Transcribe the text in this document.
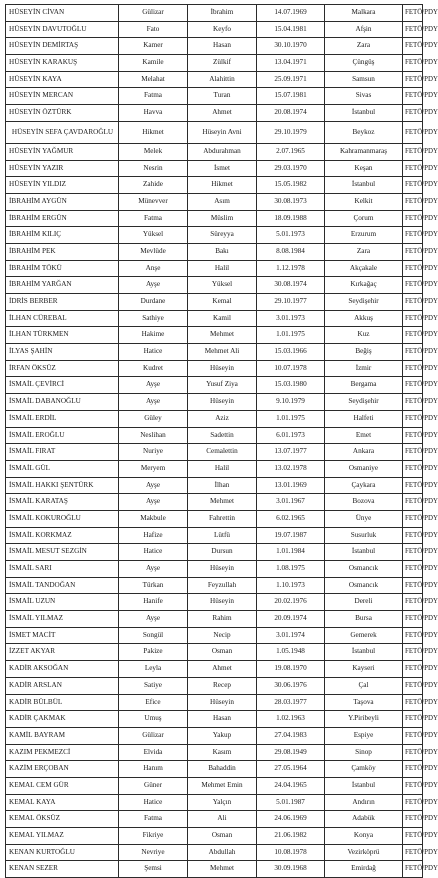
HÜSEYİN CİVAN	Gülizar	İbrahim	14.07.1969	Malkara	FETÖ/PDY
HÜSEYİN DAVUTOĞLU	Fato	Keyfo	15.04.1981	Afşin	FETÖ/PDY
HÜSEYİN DEMİRTAŞ	Kamer	Hasan	30.10.1970	Zara	FETÖ/PDY
HÜSEYİN KARAKUŞ	Kamile	Zülkif	13.04.1971	Çüngüş	FETÖ/PDY
HÜSEYİN KAYA	Melahat	Alahittin	25.09.1971	Samsun	FETÖ/PDY
HÜSEYİN MERCAN	Fatma	Turan	15.07.1981	Sivas	FETÖ/PDY
HÜSEYİN ÖZTÜRK	Havva	Ahmet	20.08.1974	İstanbul	FETÖ/PDY
HÜSEYİN SEFA ÇAVDAROĞLU	Hikmet	Hüseyin Avni	29.10.1979	Beykoz	FETÖ/PDY
HÜSEYİN YAĞMUR	Melek	Abdurahman	2.07.1965	Kahramanmaraş	FETÖ/PDY
HÜSEYİN YAZIR	Nesrin	İsmet	29.03.1970	Keşan	FETÖ/PDY
HÜSEYİN YILDIZ	Zahide	Hikmet	15.05.1982	İstanbul	FETÖ/PDY
İBRAHİM AYGÜN	Münevver	Asım	30.08.1973	Kelkit	FETÖ/PDY
İBRAHİM ERGÜN	Fatma	Müslim	18.09.1988	Çorum	FETÖ/PDY
İBRAHİM KILIÇ	Yüksel	Süreyya	5.01.1973	Erzurum	FETÖ/PDY
İBRAHİM PEK	Mevlüde	Bakı	8.08.1984	Zara	FETÖ/PDY
İBRAHİM TÖKÜ	Anşe	Halil	1.12.1978	Akçakale	FETÖ/PDY
İBRAHİM YARĞAN	Ayşe	Yüksel	30.08.1974	Kırkağaç	FETÖ/PDY
İDRİS BERBER	Durdane	Kemal	29.10.1977	Seydişehir	FETÖ/PDY
İLHAN CÜREBAL	Sathiye	Kamil	3.01.1973	Akkuş	FETÖ/PDY
İLHAN TÜRKMEN	Hakime	Mehmet	1.01.1975	Kuz	FETÖ/PDY
İLYAS ŞAHİN	Hatice	Mehmet Ali	15.03.1966	Beğiş	FETÖ/PDY
İRFAN ÖKSÜZ	Kudret	Hüseyin	10.07.1978	İzmir	FETÖ/PDY
İSMAİL ÇEVİRCİ	Ayşe	Yusuf Ziya	15.03.1980	Bergama	FETÖ/PDY
İSMAİL DABANOĞLU	Ayşe	Hüseyin	9.10.1979	Seydişehir	FETÖ/PDY
İSMAİL ERDİL	Güley	Aziz	1.01.1975	Halfeti	FETÖ/PDY
İSMAİL EROĞLU	Neslihan	Sadettin	6.01.1973	Emet	FETÖ/PDY
İSMAİL FIRAT	Nuriye	Cemalettin	13.07.1977	Ankara	FETÖ/PDY
İSMAİL GÜL	Meryem	Halil	13.02.1978	Osmaniye	FETÖ/PDY
İSMAİL HAKKI ŞENTÜRK	Ayşe	İlhan	13.01.1969	Çaykara	FETÖ/PDY
İSMAİL KARATAŞ	Ayşe	Mehmet	3.01.1967	Bozova	FETÖ/PDY
İSMAİL KOKUROĞLU	Makbule	Fahrettin	6.02.1965	Ünye	FETÖ/PDY
İSMAİL KORKMAZ	Hafize	Lütfü	19.07.1987	Susurluk	FETÖ/PDY
İSMAİL MESUT SEZGİN	Hatice	Dursun	1.01.1984	İstanbul	FETÖ/PDY
İSMAİL SARI	Ayşe	Hüseyin	1.08.1975	Osmancık	FETÖ/PDY
İSMAİL TANDOĞAN	Türkan	Feyzullah	1.10.1973	Osmancık	FETÖ/PDY
İSMAİL UZUN	Hanife	Hüseyin	20.02.1976	Dereli	FETÖ/PDY
İSMAİL YILMAZ	Ayşe	Rahim	20.09.1974	Bursa	FETÖ/PDY
İSMET MACİT	Songül	Necip	3.01.1974	Gemerek	FETÖ/PDY
İZZET AKYAR	Pakize	Osman	1.05.1948	İstanbul	FETÖ/PDY
KADİR AKSOĞAN	Leyla	Ahmet	19.08.1970	Kayseri	FETÖ/PDY
KADİR ARSLAN	Satiye	Recep	30.06.1976	Çal	FETÖ/PDY
KADİR BÜLBÜL	Efice	Hüseyin	28.03.1977	Taşova	FETÖ/PDY
KADİR ÇAKMAK	Umuş	Hasan	1.02.1963	Y.Piribeyli	FETÖ/PDY
KAMİL BAYRAM	Gülizar	Yakup	27.04.1983	Espiye	FETÖ/PDY
KAZIM PEKMEZCİ	Elvida	Kasım	29.08.1949	Sinop	FETÖ/PDY
KAZİM ERÇOBAN	Hanım	Bahaddin	27.05.1964	Çamköy	FETÖ/PDY
KEMAL CEM GÜR	Güner	Mehmet Emin	24.04.1965	İstanbul	FETÖ/PDY
KEMAL KAYA	Hatice	Yalçın	5.01.1987	Andırın	FETÖ/PDY
KEMAL ÖKSÜZ	Fatma	Ali	24.06.1969	Adabük	FETÖ/PDY
KEMAL YILMAZ	Fikriye	Osman	21.06.1982	Konya	FETÖ/PDY
KENAN KURTOĞLU	Nevriye	Abdullah	10.08.1978	Vezirköprü	FETÖ/PDY
KENAN SEZER	Şemsi	Mehmet	30.09.1968	Emirdağ	FETÖ/PDY
